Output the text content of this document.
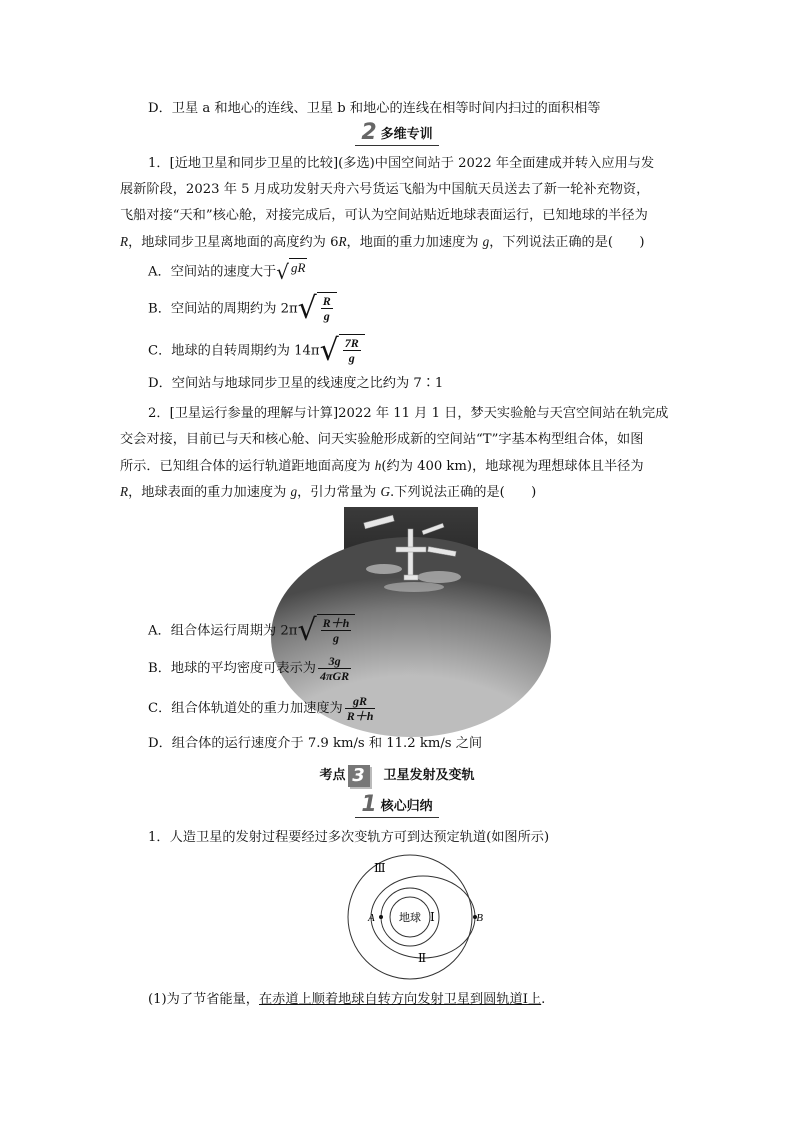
D．卫星 a 和地心的连线、卫星 b 和地心的连线在相等时间内扫过的面积相等
2 多维专训
1．[近地卫星和同步卫星的比较](多选)中国空间站于 2022 年全面建成并转入应用与发
展新阶段，2023 年 5 月成功发射天舟六号货运飞船为中国航天员送去了新一轮补充物资，
飞船对接“天和”核心舱，对接完成后，可认为空间站贴近地球表面运行，已知地球的半径为
R，地球同步卫星离地面的高度约为 6R，地面的重力加速度为 g，下列说法正确的是(　　)
A．空间站的速度大于 √ gR
B．空间站的周期约为 2π √ $\frac{R}{g}$
C．地球的自转周期约为 14π √ $\frac{7R}{g}$
D．空间站与地球同步卫星的线速度之比约为 7∶1
2．[卫星运行参量的理解与计算]2022 年 11 月 1 日，梦天实验舱与天宫空间站在轨完成
交会对接，目前已与天和核心舱、问天实验舱形成新的空间站“T”字基本构型组合体，如图
所示．已知组合体的运行轨道距地面高度为 h(约为 400 km)，地球视为理想球体且半径为
R，地球表面的重力加速度为 g，引力常量为 G.下列说法正确的是(　　)
A．组合体运行周期为 2π √ $\frac{R+h}{g}$
B．地球的平均密度可表示为 $\frac{3g}{\text{4πGR}}$
C．组合体轨道处的重力加速度为 $\frac{gR}{R+h}$
D．组合体的运行速度介于 7.9 km/s 和 11.2 km/s 之间
考点 3 卫星发射及变轨
1 核心归纳
1．人造卫星的发射过程要经过多次变轨方可到达预定轨道(如图所示)
Ⅲ
Ⅰ
Ⅱ
地球
A	B
(1)为了节省能量，在赤道上顺着地球自转方向发射卫星到圆轨道Ⅰ上.
